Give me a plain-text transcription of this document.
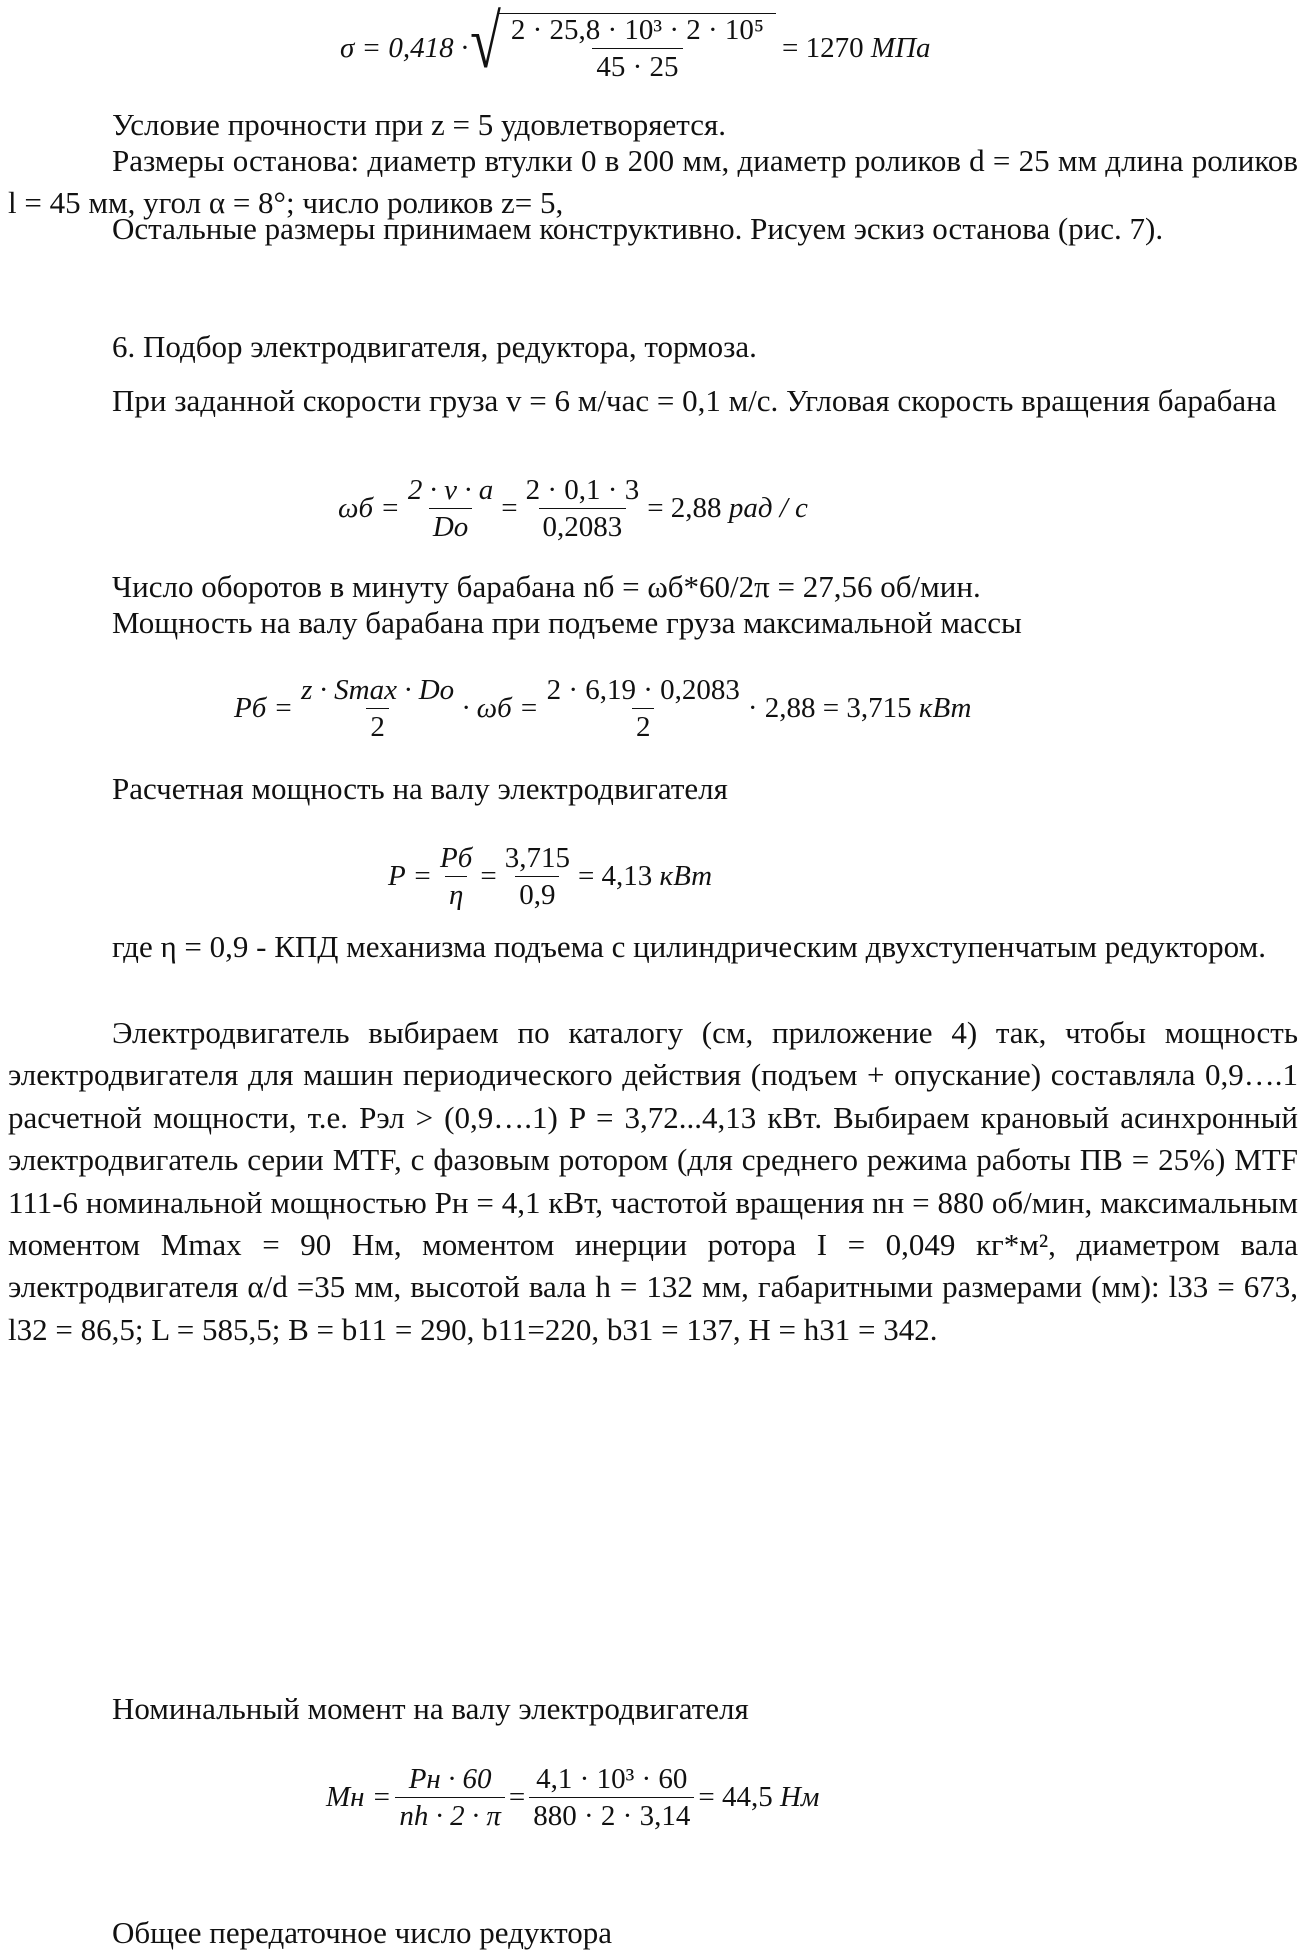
σ = 0,418 · √ $\frac{\text{2 · 25,8 · 10³ · 2 · 10⁵}}{45 \cdot 25} = 1270$
МПа

Условие прочности при z = 5 удовлетворяется.

Размеры останова: диаметр втулки 0 в 200 мм, диаметр роликов d = 25 мм длина роликов l = 45 мм, угол α = 8°; число роликов z= 5,

Остальные размеры принимаем конструктивно. Рисуем эскиз останова (рис. 7).

6. Подбор электродвигателя, редуктора, тормоза.

При заданной скорости груза v = 6 м/час = 0,1 м/с. Угловая скорость вращения барабана

$\omega б = \frac{2 \cdot v \cdot a}{Dо} = \frac{2 \cdot 0,1 \cdot 3}{0,2083} = 2,88$
рад / с

Число оборотов в минуту барабана nб = ωб*60/2π = 27,56 об/мин.

Мощность на валу барабана при подъеме груза максимальной массы

Pб = $\frac{z \cdot Smax \cdot Dо}{2} \cdot \omega б = \frac{2 \cdot 6,19 \cdot 0,2083}{2} \cdot 2,88 = 3,715$
кВт

Расчетная мощность на валу электродвигателя

$P = \frac{Pб}{\eta} = \frac{3,715}{0,9} = 4,13$
кВт

где η = 0,9 - КПД механизма подъема с цилиндрическим двухступенчатым редуктором.

Электродвигатель выбираем по каталогу (см, приложение 4) так, чтобы мощность электродвигателя для машин периодического действия (подъем + опускание) составляла 0,9….1 расчетной мощности, т.е. Pэл > (0,9….1) P = 3,72...4,13 кВт. Выбираем крановый асинхронный электродвигатель серии MTF, с фазовым ротором (для среднего режима работы ПВ = 25%) MTF 111-6 номинальной мощностью Pн = 4,1 кВт, частотой вращения nн = 880 об/мин, максимальным моментом Mmax = 90 Нм, моментом инерции ротора I = 0,049 кг*м², диаметром вала электродвигателя α/d =35 мм, высотой вала h = 132 мм, габаритными размерами (мм): l33 = 673, l32 = 86,5; L = 585,5; B = b11 = 290, b11=220, b31 = 137, H = h31 = 342.

Номинальный момент на валу электродвигателя

Mн = $\frac{Pн \cdot 60}{nh \cdot 2 \cdot \pi} = \frac{\text{4,1 · 10³ · 60}}{880 \cdot 2 \cdot 3,14} = 44,5$
Нм

Общее передаточное число редуктора
